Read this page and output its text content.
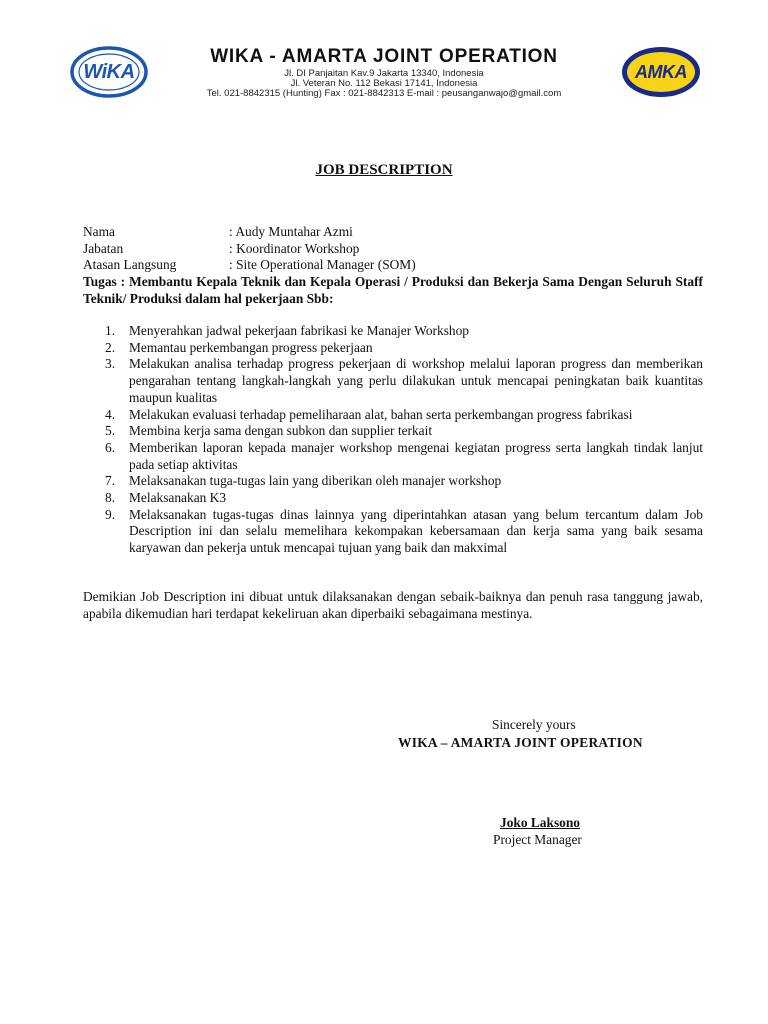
WiKA
WIKA - AMARTA JOINT OPERATION
Jl. DI Panjaitan Kav.9 Jakarta 13340, Indonesia
Jl. Veteran No. 112 Bekasi 17141, Indonesia
Tel. 021-8842315 (Hunting) Fax : 021-8842313 E-mail : peusanganwajo@gmail.com
AMKA
JOB DESCRIPTION
Nama	: Audy Muntahar Azmi
Jabatan	: Koordinator Workshop
Atasan Langsung	: Site Operational Manager (SOM)
Tugas : Membantu Kepala Teknik dan Kepala Operasi / Produksi dan Bekerja Sama Dengan Seluruh Staff Teknik/ Produksi dalam hal pekerjaan Sbb:
1. Menyerahkan jadwal pekerjaan fabrikasi ke Manajer Workshop
2. Memantau perkembangan progress pekerjaan
3. Melakukan analisa terhadap progress pekerjaan di workshop melalui laporan progress dan memberikan pengarahan tentang langkah-langkah yang perlu dilakukan untuk mencapai peningkatan baik kuantitas maupun kualitas
4. Melakukan evaluasi terhadap pemeliharaan alat, bahan serta perkembangan progress fabrikasi
5. Membina kerja sama dengan subkon dan supplier terkait
6. Memberikan laporan kepada manajer workshop mengenai kegiatan progress serta langkah tindak lanjut pada setiap aktivitas
7. Melaksanakan tuga-tugas lain yang diberikan oleh manajer workshop
8. Melaksanakan K3
9. Melaksanakan tugas-tugas dinas lainnya yang diperintahkan atasan yang belum tercantum dalam Job Description ini dan selalu memelihara kekompakan kebersamaan dan kerja sama yang baik sesama karyawan dan pekerja untuk mencapai tujuan yang baik dan makximal
Demikian Job Description ini dibuat untuk dilaksanakan dengan sebaik-baiknya dan penuh rasa tanggung jawab, apabila dikemudian hari terdapat kekeliruan akan diperbaiki sebagaimana mestinya.
Sincerely yours
WIKA – AMARTA JOINT OPERATION
Joko Laksono
Project Manager
